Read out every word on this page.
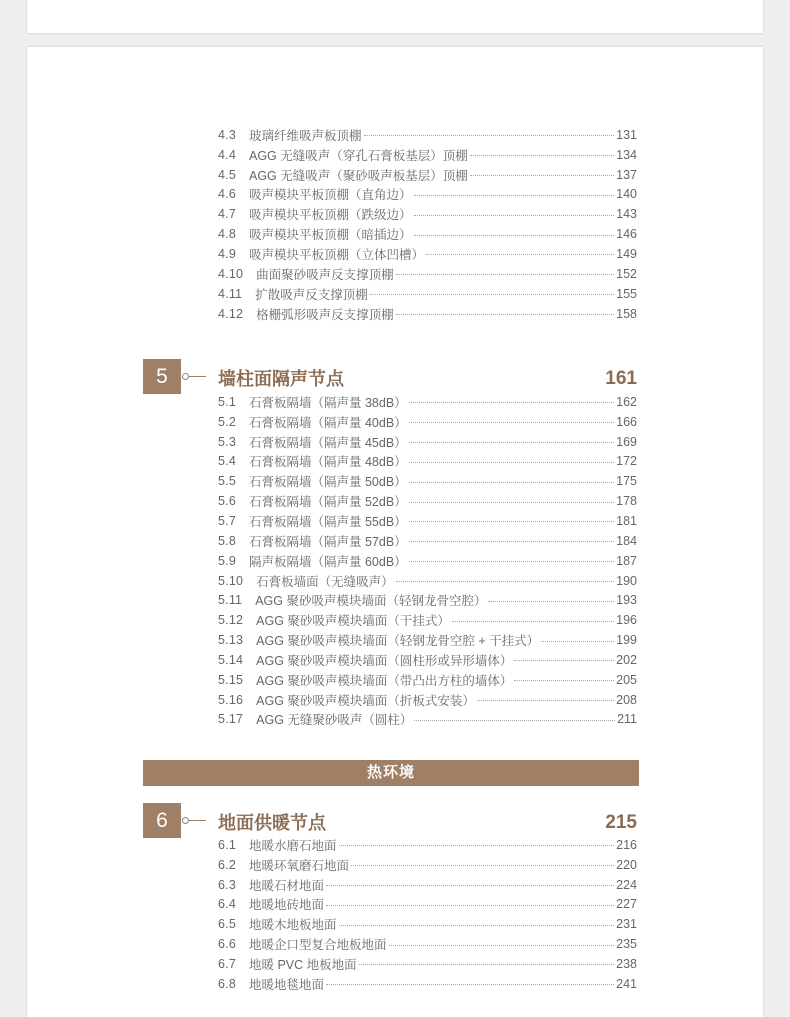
4.3 玻璃纤维吸声板顶棚	131
4.4 AGG 无缝吸声（穿孔石膏板基层）顶棚	134
4.5 AGG 无缝吸声（聚砂吸声板基层）顶棚	137
4.6 吸声模块平板顶棚（直角边）	140
4.7 吸声模块平板顶棚（跌级边）	143
4.8 吸声模块平板顶棚（暗插边）	146
4.9 吸声模块平板顶棚（立体凹槽）	149
4.10 曲面聚砂吸声反支撑顶棚	152
4.11 扩散吸声反支撑顶棚	155
4.12 格栅弧形吸声反支撑顶棚	158
5	墙柱面隔声节点	161
5.1 石膏板隔墙（隔声量 38dB）	162
5.2 石膏板隔墙（隔声量 40dB）	166
5.3 石膏板隔墙（隔声量 45dB）	169
5.4 石膏板隔墙（隔声量 48dB）	172
5.5 石膏板隔墙（隔声量 50dB）	175
5.6 石膏板隔墙（隔声量 52dB）	178
5.7 石膏板隔墙（隔声量 55dB）	181
5.8 石膏板隔墙（隔声量 57dB）	184
5.9 隔声板隔墙（隔声量 60dB）	187
5.10 石膏板墙面（无缝吸声）	190
5.11 AGG 聚砂吸声模块墙面（轻钢龙骨空腔）	193
5.12 AGG 聚砂吸声模块墙面（干挂式）	196
5.13 AGG 聚砂吸声模块墙面（轻钢龙骨空腔 + 干挂式）	199
5.14 AGG 聚砂吸声模块墙面（圆柱形或异形墙体）	202
5.15 AGG 聚砂吸声模块墙面（带凸出方柱的墙体）	205
5.16 AGG 聚砂吸声模块墙面（折板式安装）	208
5.17 AGG 无缝聚砂吸声（圆柱）	211
热环境
6	地面供暖节点	215
6.1 地暖水磨石地面	216
6.2 地暖环氧磨石地面	220
6.3 地暖石材地面	224
6.4 地暖地砖地面	227
6.5 地暖木地板地面	231
6.6 地暖企口型复合地板地面	235
6.7 地暖 PVC 地板地面	238
6.8 地暖地毯地面	241
